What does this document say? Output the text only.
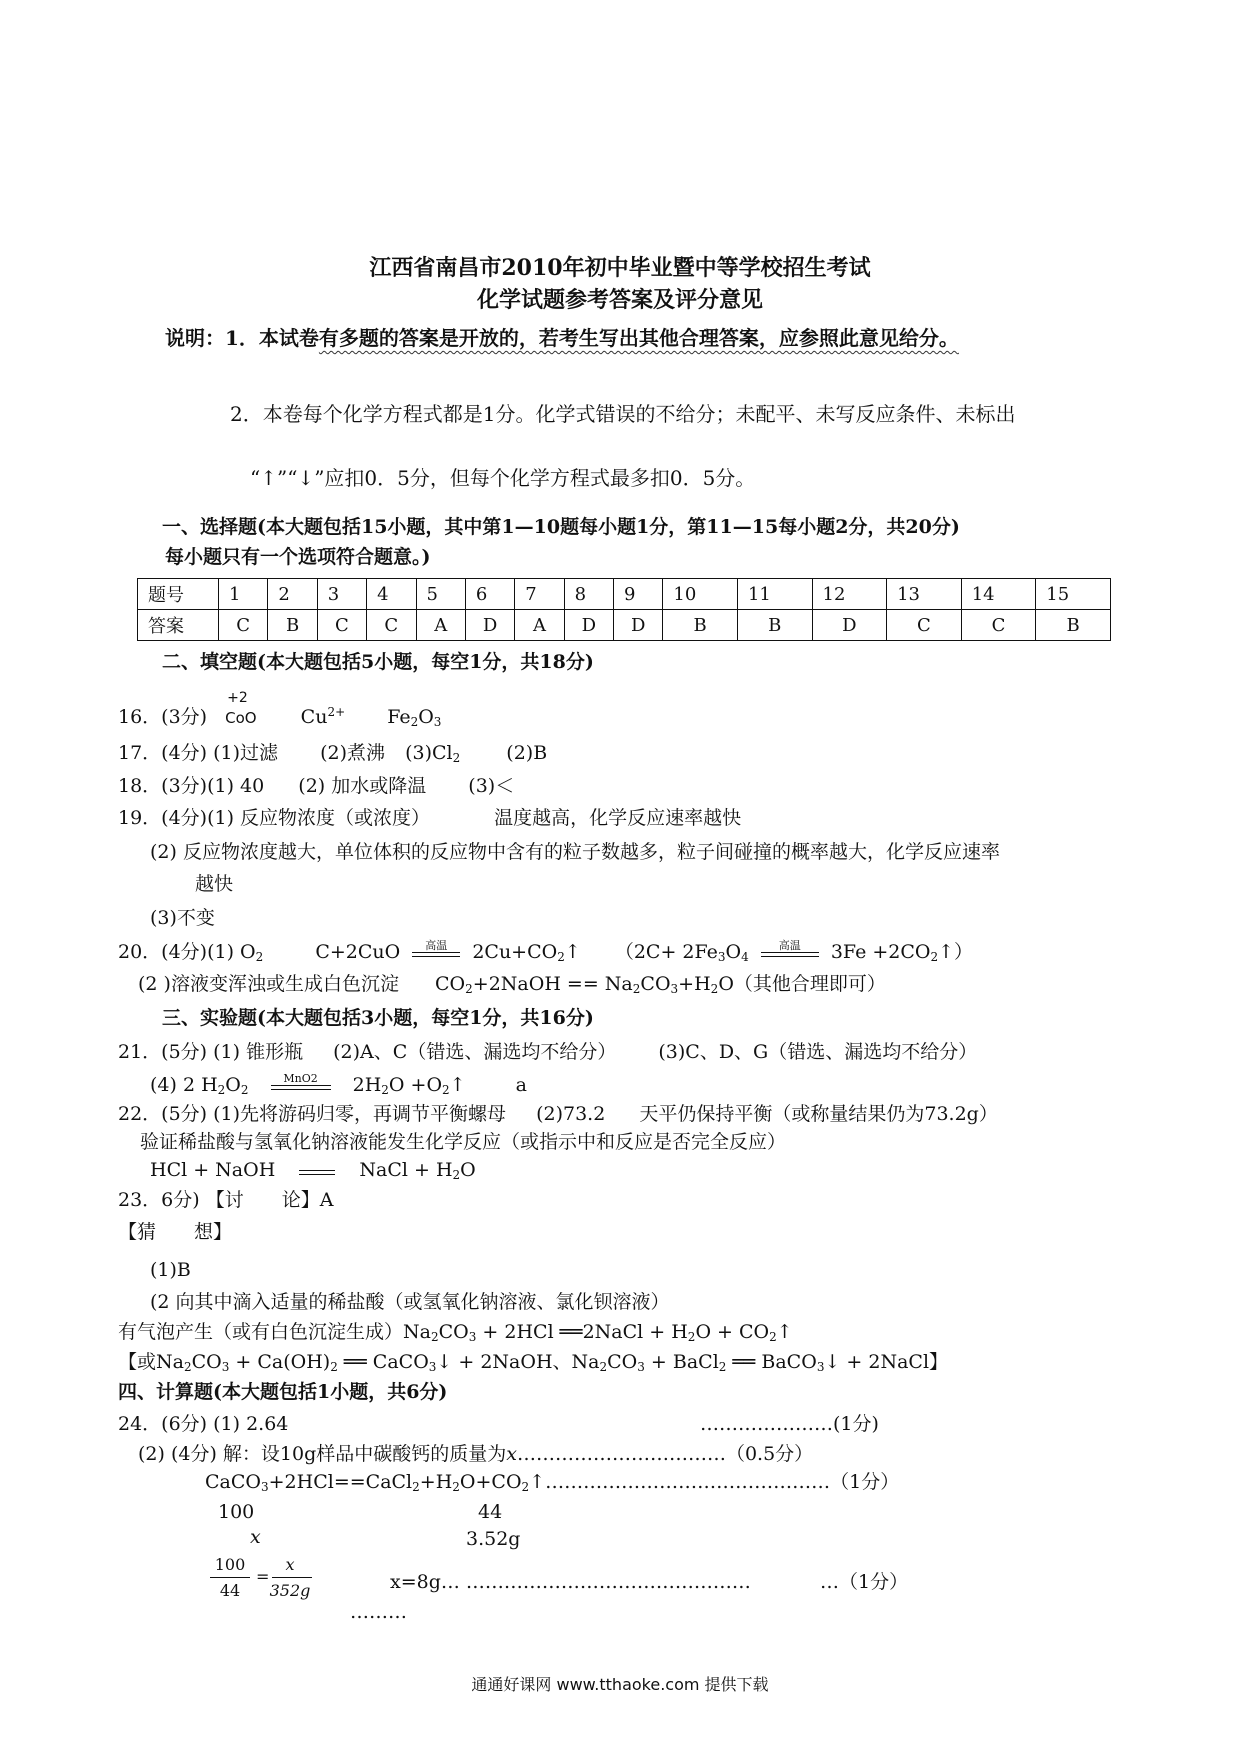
江西省南昌市2010年初中毕业暨中等学校招生考试
化学试题参考答案及评分意见
说明：1．本试卷有多题的答案是开放的，若考生写出其他合理答案，应参照此意见给分。
2．本卷每个化学方程式都是1分。化学式错误的不给分；未配平、未写反应条件、未标出
“↑”“↓”应扣0．5分，但每个化学方程式最多扣0．5分。
一、选择题(本大题包括15小题，其中第1—10题每小题1分，第11—15每小题2分，共20分)
每小题只有一个选项符合题意。)
题号	1	2	3	4	5	6	7	8	9	10	11	12	13	14	15
答案	C	B	C	C	A	D	A	D	D	B	B	D	C	C	B
二、填空题(本大题包括5小题，每空1分，共18分)
16．(3分)
+2
CoO $Cu^{2+}$ $Fe_2O_3$
17．(4分) (1)过滤 (2)煮沸 $(3)Cl_2$ (2)B
18．(3分)(1) 40 (2) 加水或降温 (3)＜
19．(4分)(1) 反应物浓度（或浓度）	温度越高，化学反应速率越快
(2) 反应物浓度越大，单位体积的反应物中含有的粒子数越多，粒子间碰撞的概率越大，化学反应速率
越快
(3)不变
20．(4分)(1) $O_2$	C+2CuO	高温	$2Cu+CO_2↑$ （$2C+ 2Fe_3O_4$
高温	$3Fe +2CO_2↑$）
(2 )溶液变浑浊或生成白色沉淀 $CO_2+2NaOH == Na_2CO_3+H_2O$（其他合理即可）
三、实验题(本大题包括3小题，每空1分，共16分)
21．(5分) (1) 锥形瓶 (2)A、C（错选、漏选均不给分） (3)C、D、G（错选、漏选均不给分）
(4) 2 $H_2O_2$
MnO2	$2H_2O$ $+O_2↑$	a
22．(5分) (1)先将游码归零，再调节平衡螺母 (2)73.2 天平仍保持平衡（或称量结果仍为73.2g）
验证稀盐酸与氢氧化钠溶液能发生化学反应（或指示中和反应是否完全反应）
HCl + NaOH	NaCl + $H_2O$
23．6分) 【讨　　论】A
【猜　　想】
(1)B
(2 向其中滴入适量的稀盐酸（或氢氧化钠溶液、氯化钡溶液）
有气泡产生（或有白色沉淀生成）$Na_2CO_3 + 2HCl$ ══2NaCl + $H_2O$ + $CO_2↑$
【或$Na_2CO_3 + Ca(OH)_2$ ══ CaCO$_3$↓ + 2NaOH、$Na_2CO_3$ + BaCl$_2$ ══ BaCO$_3$↓ + 2NaCl】
四、计算题(本大题包括1小题，共6分)
24．(6分) (1) 2.64	…………………(1分)
(2) (4分) 解：设10g样品中碳酸钙的质量为x……………………………（0.5分）
$CaCO_3+2HCl==CaCl_2+H_2O+CO_2↑\dots\dots\dots\dots\dots\dots\dots\dots\dots\dots\dots\dots\dots\dots\dots(1$分）
100	44
x	3.52g
100
44
=
x
352g	x=8g… ………………………………………	…（1分）
………
通通好课网 www.tthaoke.com 提供下载
